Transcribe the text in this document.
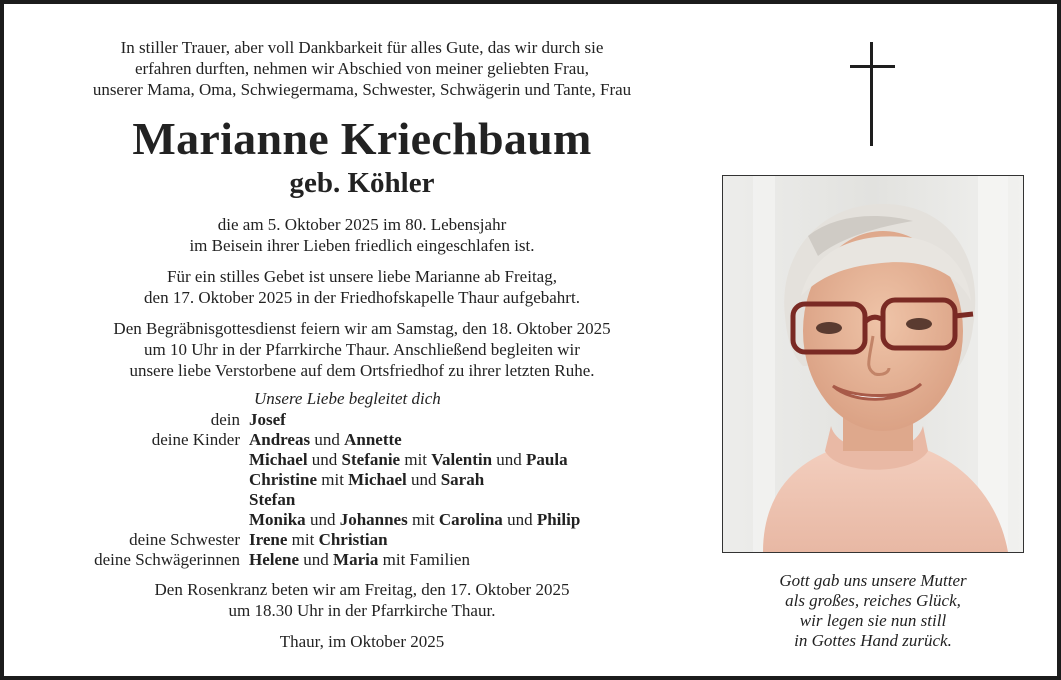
In stiller Trauer, aber voll Dankbarkeit für alles Gute, das wir durch sie
erfahren durften, nehmen wir Abschied von meiner geliebten Frau,
unserer Mama, Oma, Schwiegermama, Schwester, Schwägerin und Tante, Frau
Marianne Kriechbaum
geb. Köhler
die am 5. Oktober 2025 im 80. Lebensjahr
im Beisein ihrer Lieben friedlich eingeschlafen ist.
Für ein stilles Gebet ist unsere liebe Marianne ab Freitag,
den 17. Oktober 2025 in der Friedhofskapelle Thaur aufgebahrt.
Den Begräbnisgottesdienst feiern wir am Samstag, den 18. Oktober 2025
um 10 Uhr in der Pfarrkirche Thaur. Anschließend begleiten wir
unsere liebe Verstorbene auf dem Ortsfriedhof zu ihrer letzten Ruhe.
Unsere Liebe begleitet dich
dein Josef
deine Kinder Andreas und Annette
Michael und Stefanie mit Valentin und Paula
Christine mit Michael und Sarah
Stefan
Monika und Johannes mit Carolina und Philip
deine Schwester Irene mit Christian
deine Schwägerinnen Helene und Maria mit Familien
Den Rosenkranz beten wir am Freitag, den 17. Oktober 2025
um 18.30 Uhr in der Pfarrkirche Thaur.
Thaur, im Oktober 2025
Gott gab uns unsere Mutter
als großes, reiches Glück,
wir legen sie nun still
in Gottes Hand zurück.
